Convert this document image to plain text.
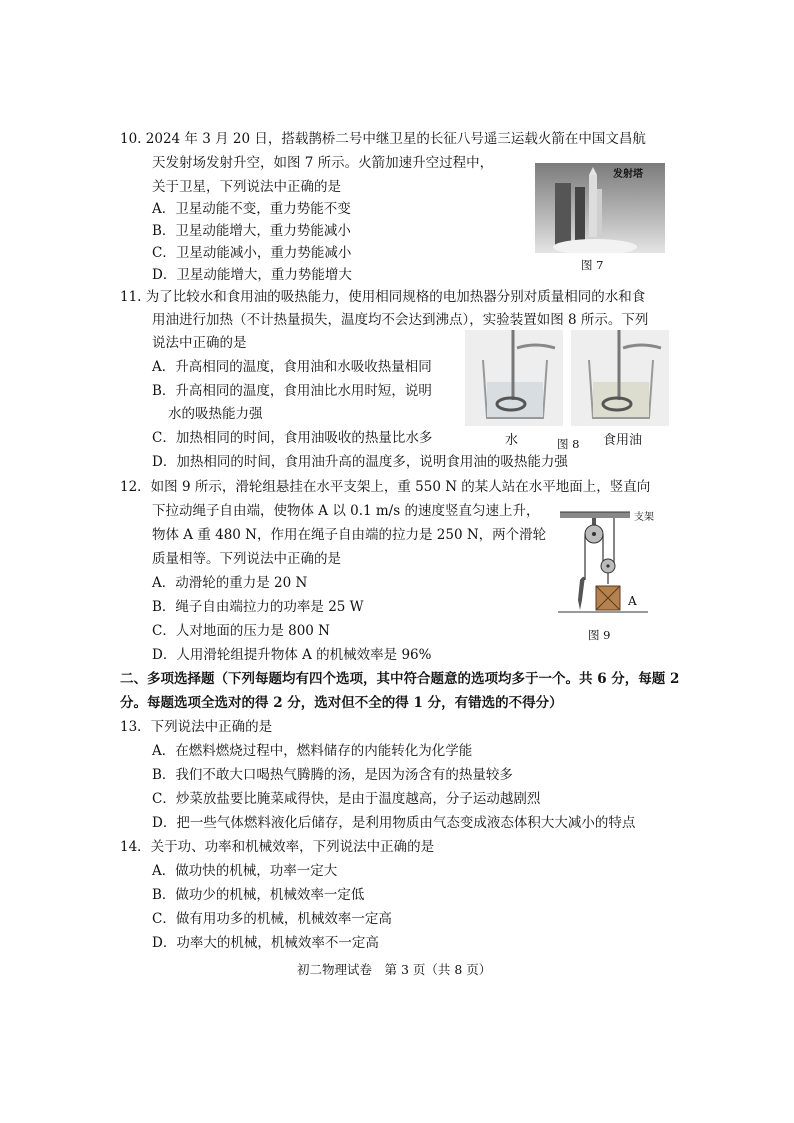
10. 2024 年 3 月 20 日，搭载鹊桥二号中继卫星的长征八号遥三运载火箭在中国文昌航
天发射场发射升空，如图 7 所示。火箭加速升空过程中，
关于卫星，下列说法中正确的是
A．卫星动能不变，重力势能不变
B．卫星动能增大，重力势能减小
C．卫星动能减小，重力势能减小
D．卫星动能增大，重力势能增大
发射塔
图 7
11. 为了比较水和食用油的吸热能力，使用相同规格的电加热器分别对质量相同的水和食
用油进行加热（不计热量损失，温度均不会达到沸点），实验装置如图 8 所示。下列
说法中正确的是
A．升高相同的温度，食用油和水吸收热量相同
B．升高相同的温度，食用油比水用时短，说明
水的吸热能力强
C．加热相同的时间，食用油吸收的热量比水多
D．加热相同的时间，食用油升高的温度多，说明食用油的吸热能力强
水	图 8 食用油
12．如图 9 所示，滑轮组悬挂在水平支架上，重 550 N 的某人站在水平地面上，竖直向
下拉动绳子自由端，使物体 A 以 0.1 m/s 的速度竖直匀速上升，
物体 A 重 480 N，作用在绳子自由端的拉力是 250 N，两个滑轮
质量相等。下列说法中正确的是
A．动滑轮的重力是 20 N
B．绳子自由端拉力的功率是 25 W
C．人对地面的压力是 800 N
D．人用滑轮组提升物体 A 的机械效率是 96%
支架
A
图 9
二、多项选择题（下列每题均有四个选项，其中符合题意的选项均多于一个。共 6 分，每题 2
分。每题选项全选对的得 2 分，选对但不全的得 1 分，有错选的不得分）
13．下列说法中正确的是
A．在燃料燃烧过程中，燃料储存的内能转化为化学能
B．我们不敢大口喝热气腾腾的汤，是因为汤含有的热量较多
C．炒菜放盐要比腌菜咸得快，是由于温度越高，分子运动越剧烈
D．把一些气体燃料液化后储存，是利用物质由气态变成液态体积大大减小的特点
14．关于功、功率和机械效率，下列说法中正确的是
A．做功快的机械，功率一定大
B．做功少的机械，机械效率一定低
C．做有用功多的机械，机械效率一定高
D．功率大的机械，机械效率不一定高
初二物理试卷　第 3 页（共 8 页）
